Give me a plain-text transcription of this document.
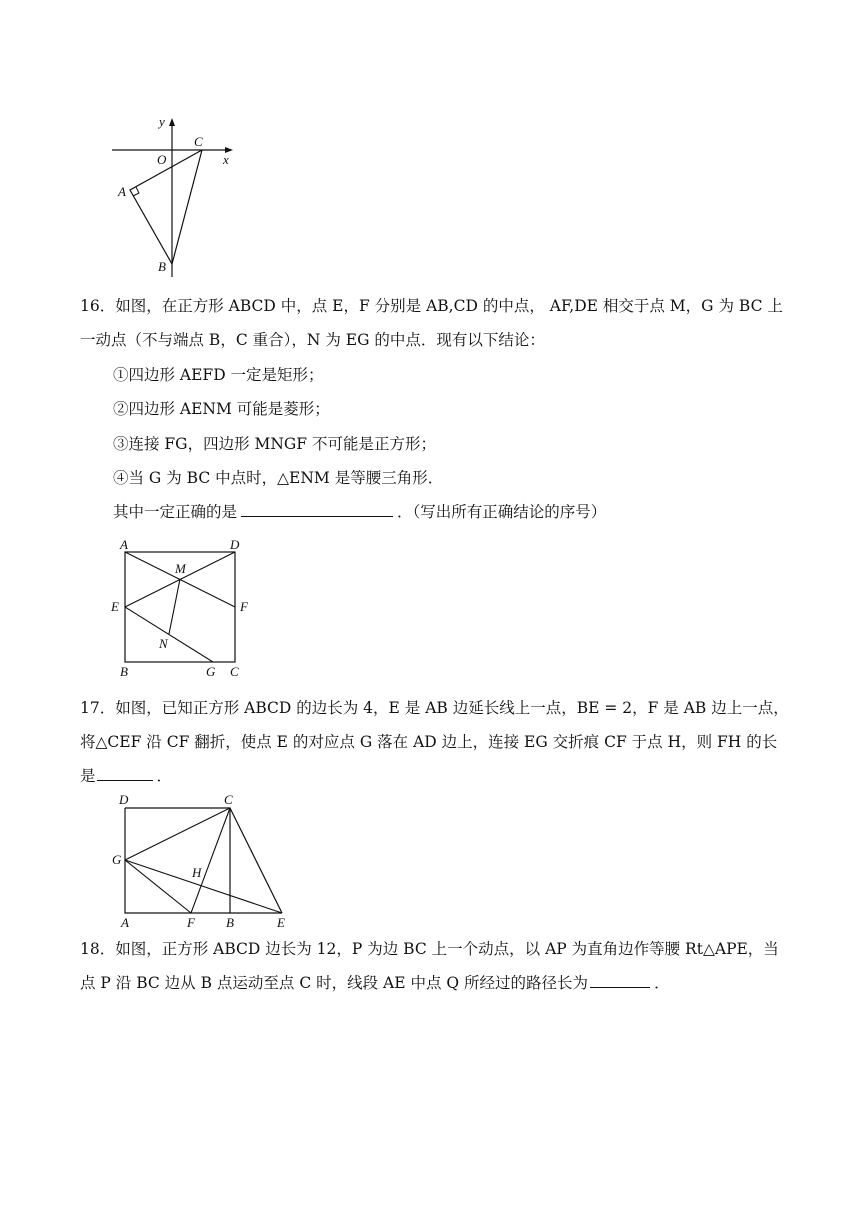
y
x
O
C
A
B
16．如图，在正方形 ABCD 中，点 E，F 分别是 AB,CD 的中点， AF,DE 相交于点 M，G 为 BC 上
一动点（不与端点 B，C 重合），N 为 EG 的中点．现有以下结论：
①四边形 AEFD 一定是矩形；
②四边形 AENM 可能是菱形；
③连接 FG，四边形 MNGF 不可能是正方形；
④当 G 为 BC 中点时，△ENM 是等腰三角形．
其中一定正确的是	．（写出所有正确结论的序号）
A	D
M
E	F
N
B	G C
17．如图，已知正方形 ABCD 的边长为 4，E 是 AB 边延长线上一点，BE = 2，F 是 AB 边上一点，
将△CEF 沿 CF 翻折，使点 E 的对应点 G 落在 AD 边上，连接 EG 交折痕 CF 于点 H，则 FH 的长
是	．
D	C
G
H
A	F B	E
18．如图，正方形 ABCD 边长为 12，P 为边 BC 上一个动点，以 AP 为直角边作等腰 Rt△APE，当
点 P 沿 BC 边从 B 点运动至点 C 时，线段 AE 中点 Q 所经过的路径长为	．
